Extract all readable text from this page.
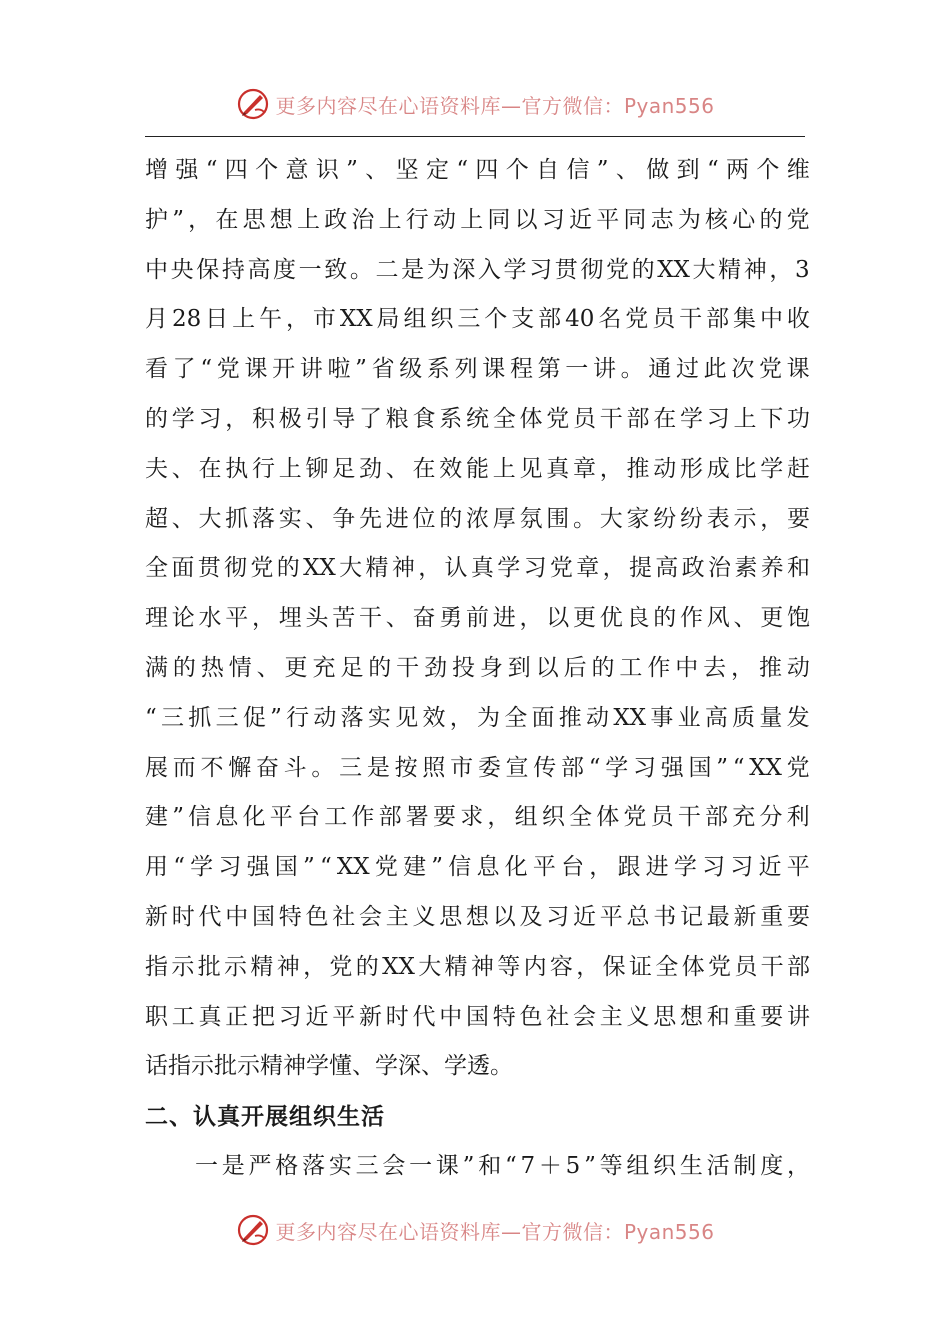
更多内容尽在心语资料库—官方微信：Pyan556
增 强 “ 四 个 意 识 ” 、 坚 定 “ 四 个 自 信 ” 、 做 到 “ 两 个 维
护 ” ， 在 思 想 上 政 治 上 行 动 上 同 以 习 近 平 同 志 为 核 心 的 党
中 央 保 持 高 度 一 致 。 二 是 为 深 入 学 习 贯 彻 党 的 XX 大 精 神 ， 3
月 28 日 上 午 ， 市 XX 局 组 织 三 个 支 部 40 名 党 员 干 部 集 中 收
看 了 “ 党 课 开 讲 啦 ” 省 级 系 列 课 程 第 一 讲 。 通 过 此 次 党 课
的 学 习 ， 积 极 引 导 了 粮 食 系 统 全 体 党 员 干 部 在 学 习 上 下 功
夫 、 在 执 行 上 铆 足 劲 、 在 效 能 上 见 真 章 ， 推 动 形 成 比 学 赶
超 、 大 抓 落 实 、 争 先 进 位 的 浓 厚 氛 围 。 大 家 纷 纷 表 示 ， 要
全 面 贯 彻 党 的 XX 大 精 神 ， 认 真 学 习 党 章 ， 提 高 政 治 素 养 和
理 论 水 平 ， 埋 头 苦 干 、 奋 勇 前 进 ， 以 更 优 良 的 作 风 、 更 饱
满 的 热 情 、 更 充 足 的 干 劲 投 身 到 以 后 的 工 作 中 去 ， 推 动
“ 三 抓 三 促 ” 行 动 落 实 见 效 ， 为 全 面 推 动 XX 事 业 高 质 量 发
展 而 不 懈 奋 斗 。 三 是 按 照 市 委 宣 传 部 “ 学 习 强 国 ” “ XX 党
建 ” 信 息 化 平 台 工 作 部 署 要 求 ， 组 织 全 体 党 员 干 部 充 分 利
用 “ 学 习 强 国 ” “ XX 党 建 ” 信 息 化 平 台 ， 跟 进 学 习 习 近 平
新 时 代 中 国 特 色 社 会 主 义 思 想 以 及 习 近 平 总 书 记 最 新 重 要
指 示 批 示 精 神 ， 党 的 XX 大 精 神 等 内 容 ， 保 证 全 体 党 员 干 部
职 工 真 正 把 习 近 平 新 时 代 中 国 特 色 社 会 主 义 思 想 和 重 要 讲
话指示批示精神学懂、学深、学透。
二、认真开展组织生活
一 是 严 格 落 实 三 会 一 课 ” 和 “ 7 ＋ 5 ” 等 组 织 生 活 制 度 ，
更多内容尽在心语资料库—官方微信：Pyan556
